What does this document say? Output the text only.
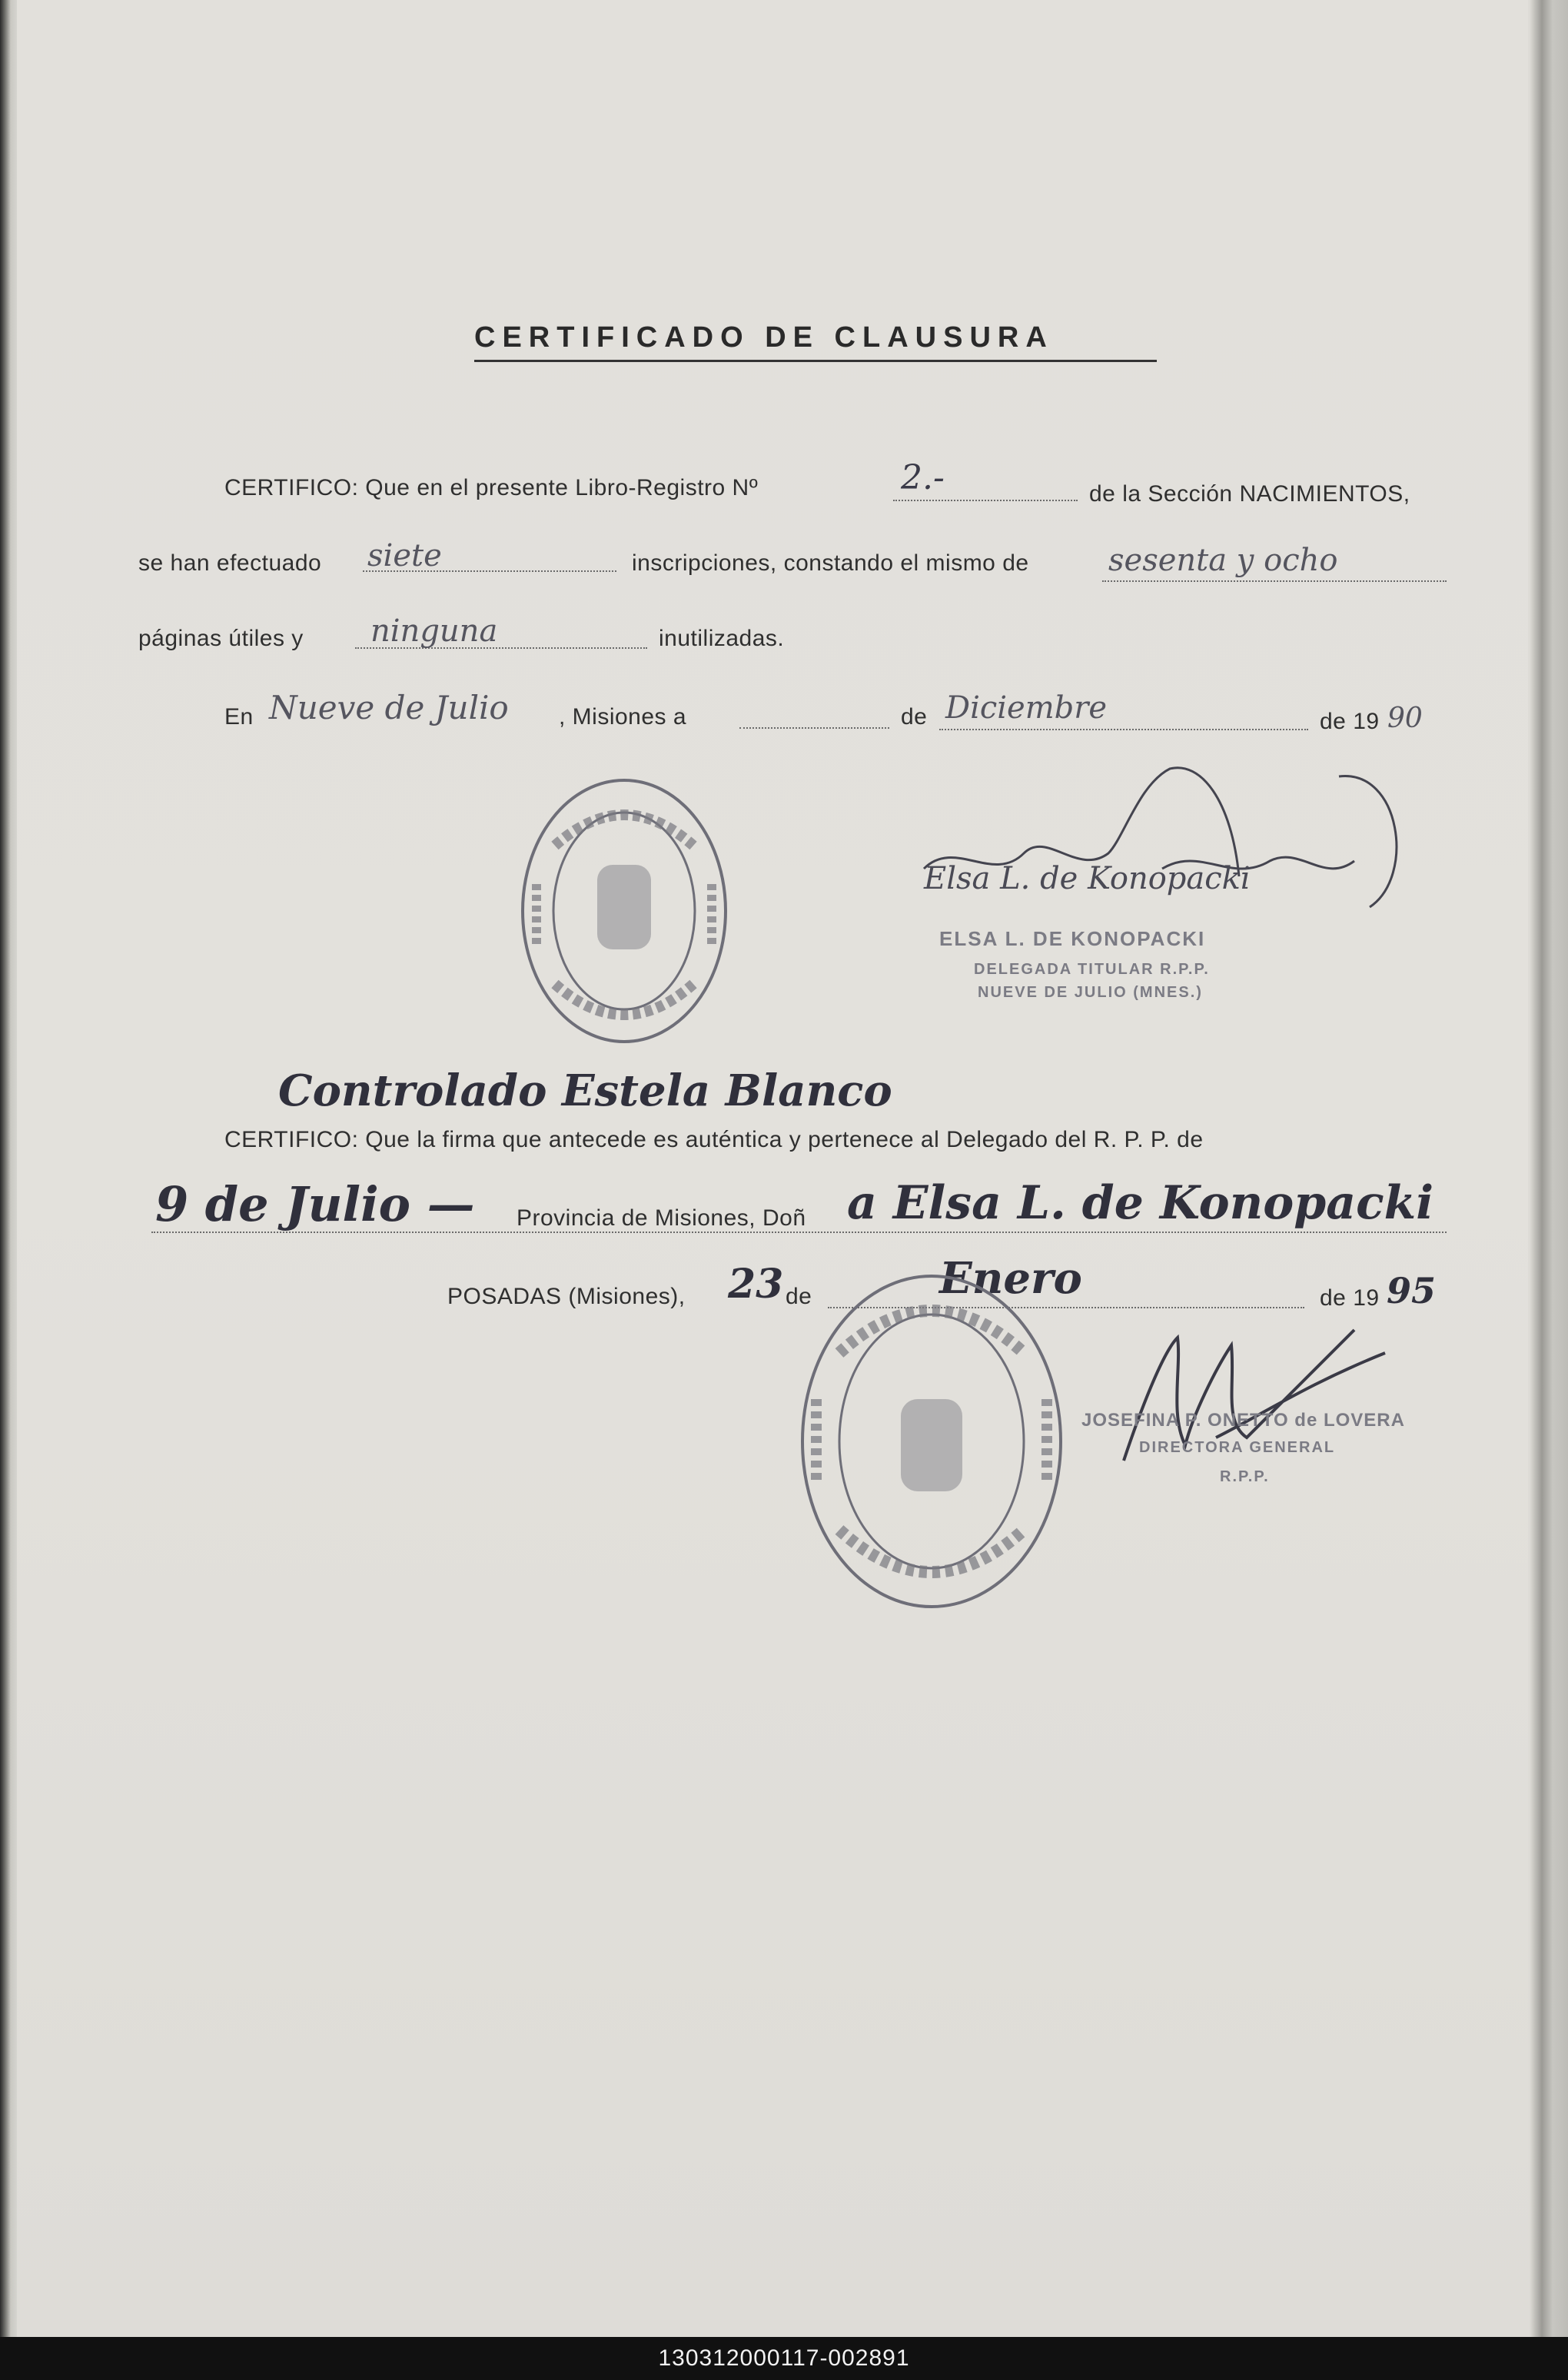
CERTIFICADO DE CLAUSURA
CERTIFICO: Que en el presente Libro-Registro Nº	2.-	de la Sección NACIMIENTOS,
se han efectuado siete	inscripciones, constando el mismo de	sesenta y ocho
páginas útiles y ninguna	inutilizadas.
En Nueve de Julio , Misiones a	de Diciembre	de 19 90
Elsa L. de Konopacki
ELSA L. DE KONOPACKI
DELEGADA TITULAR R.P.P.
NUEVE DE JULIO (MNES.)
Controlado Estela Blanco
CERTIFICO: Que la firma que antecede es auténtica y pertenece al Delegado del R. P. P. de
9 de Julio — Provincia de Misiones, Doñ a Elsa L. de Konopacki
POSADAS (Misiones), 23 de	Enero	de 19 95
JOSEFINA P. ONETTO de LOVERA
DIRECTORA GENERAL
R.P.P.
130312000117-002891
